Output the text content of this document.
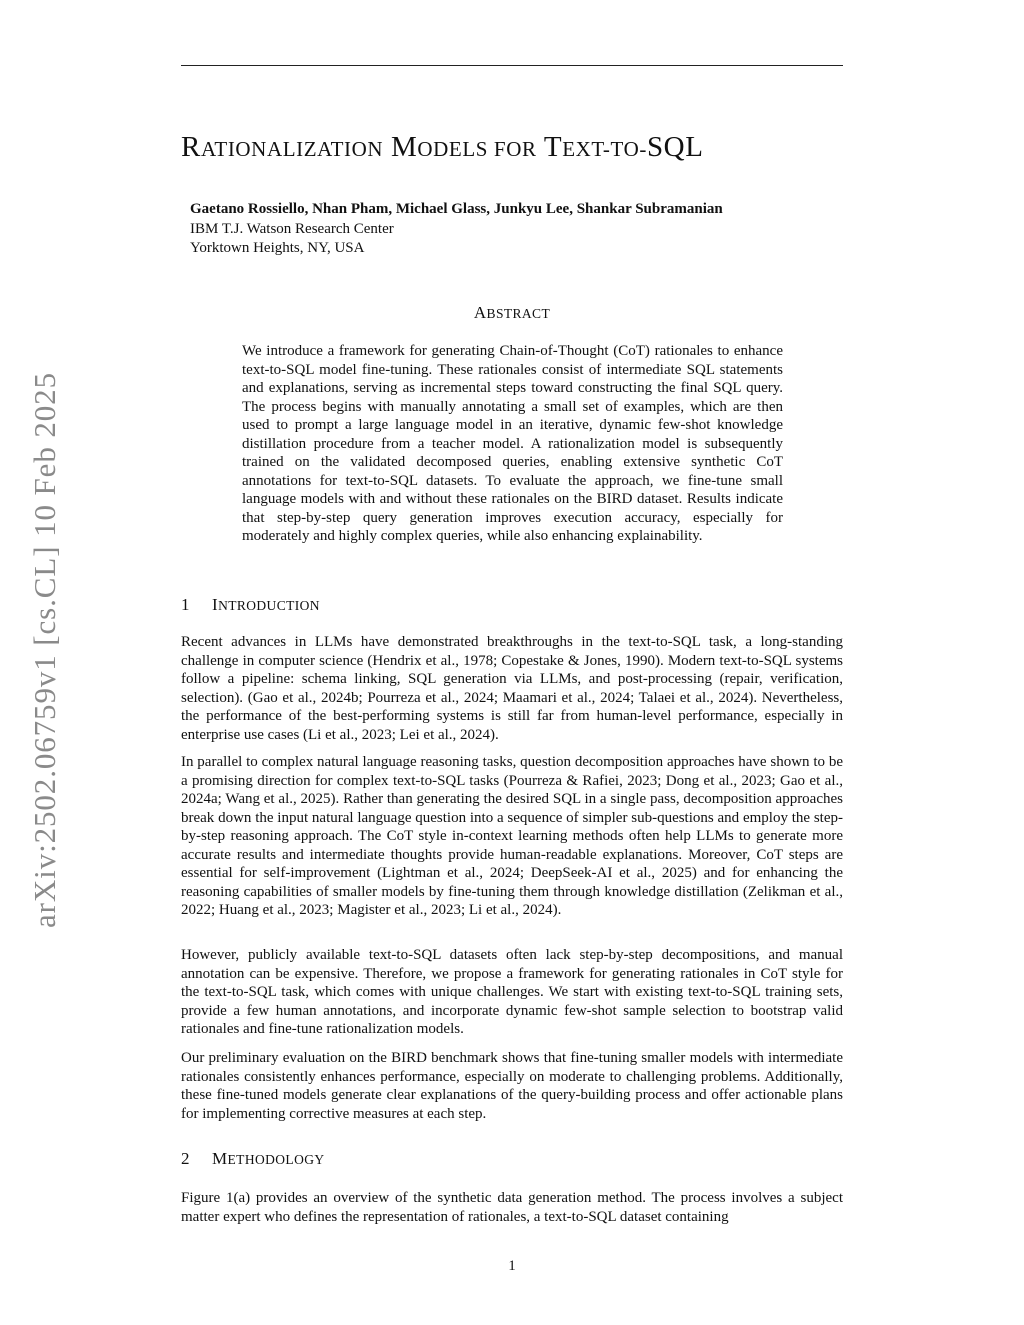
arXiv:2502.06759v1 [cs.CL] 10 Feb 2025
RATIONALIZATION MODELS FOR TEXT-TO-SQL
Gaetano Rossiello, Nhan Pham, Michael Glass, Junkyu Lee, Shankar Subramanian
IBM T.J. Watson Research Center
Yorktown Heights, NY, USA
ABSTRACT

We introduce a framework for generating Chain-of-Thought (CoT) rationales to enhance text-to-SQL model fine-tuning. These rationales consist of intermediate SQL statements and explanations, serving as incremental steps toward constructing the final SQL query. The process begins with manually annotating a small set of examples, which are then used to prompt a large language model in an iterative, dynamic few-shot knowledge distillation procedure from a teacher model. A rationalization model is subsequently trained on the validated decomposed queries, enabling extensive synthetic CoT annotations for text-to-SQL datasets. To evaluate the approach, we fine-tune small language models with and without these rationales on the BIRD dataset. Results indicate that step-by-step query generation improves execution accuracy, especially for moderately and highly complex queries, while also enhancing explainability.

1 INTRODUCTION

Recent advances in LLMs have demonstrated breakthroughs in the text-to-SQL task, a long-standing challenge in computer science (Hendrix et al., 1978; Copestake & Jones, 1990). Modern text-to-SQL systems follow a pipeline: schema linking, SQL generation via LLMs, and post-processing (repair, verification, selection). (Gao et al., 2024b; Pourreza et al., 2024; Maamari et al., 2024; Talaei et al., 2024). Nevertheless, the performance of the best-performing systems is still far from human-level performance, especially in enterprise use cases (Li et al., 2023; Lei et al., 2024).

In parallel to complex natural language reasoning tasks, question decomposition approaches have shown to be a promising direction for complex text-to-SQL tasks (Pourreza & Rafiei, 2023; Dong et al., 2023; Gao et al., 2024a; Wang et al., 2025). Rather than generating the desired SQL in a single pass, decomposition approaches break down the input natural language question into a sequence of simpler sub-questions and employ the step-by-step reasoning approach. The CoT style in-context learning methods often help LLMs to generate more accurate results and intermediate thoughts provide human-readable explanations. Moreover, CoT steps are essential for self-improvement (Lightman et al., 2024; DeepSeek-AI et al., 2025) and for enhancing the reasoning capabilities of smaller models by fine-tuning them through knowledge distillation (Zelikman et al., 2022; Huang et al., 2023; Magister et al., 2023; Li et al., 2024).

However, publicly available text-to-SQL datasets often lack step-by-step decompositions, and manual annotation can be expensive. Therefore, we propose a framework for generating rationales in CoT style for the text-to-SQL task, which comes with unique challenges. We start with existing text-to-SQL training sets, provide a few human annotations, and incorporate dynamic few-shot sample selection to bootstrap valid rationales and fine-tune rationalization models.

Our preliminary evaluation on the BIRD benchmark shows that fine-tuning smaller models with intermediate rationales consistently enhances performance, especially on moderate to challenging problems. Additionally, these fine-tuned models generate clear explanations of the query-building process and offer actionable plans for implementing corrective measures at each step.

2 METHODOLOGY

Figure 1(a) provides an overview of the synthetic data generation method. The process involves a subject matter expert who defines the representation of rationales, a text-to-SQL dataset containing

1
